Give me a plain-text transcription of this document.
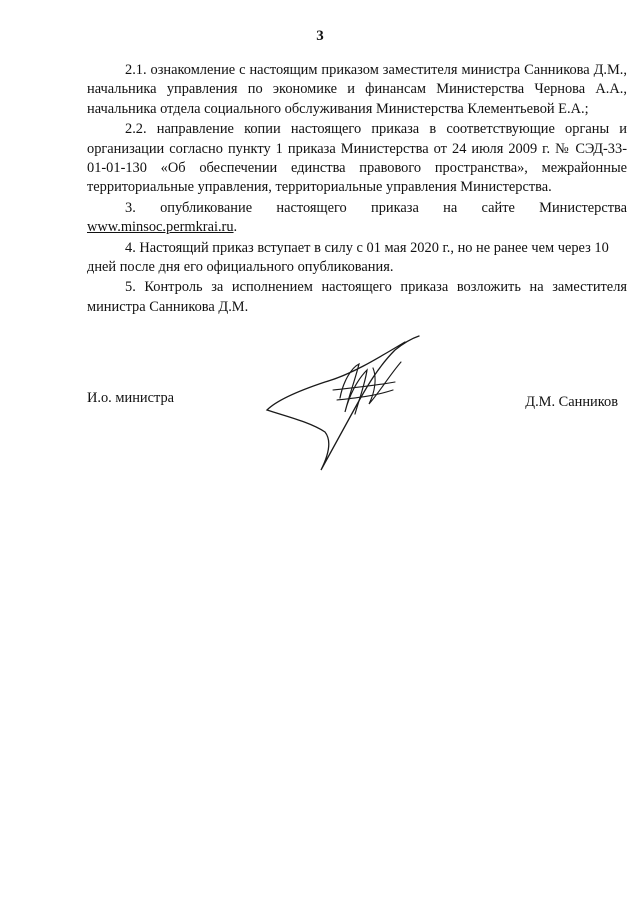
3

2.1. ознакомление с настоящим приказом заместителя министра Санникова Д.М., начальника управления по экономике и финансам Министерства Чернова А.А., начальника отдела социального обслуживания Министерства Клементьевой Е.А.;

2.2. направление копии настоящего приказа в соответствующие органы и организации согласно пункту 1 приказа Министерства от 24 июля 2009 г. № СЭД-33-01-01-130 «Об обеспечении единства правового пространства», межрайонные территориальные управления, территориальные управления Министерства.

3. опубликование настоящего приказа на сайте Министерства www.minsoc.permkrai.ru.

4. Настоящий приказ вступает в силу с 01 мая 2020 г., но не ранее чем через 10 дней после дня его официального опубликования.

5. Контроль за исполнением настоящего приказа возложить на заместителя министра Санникова Д.М.

И.о. министра	Д.М. Санников
